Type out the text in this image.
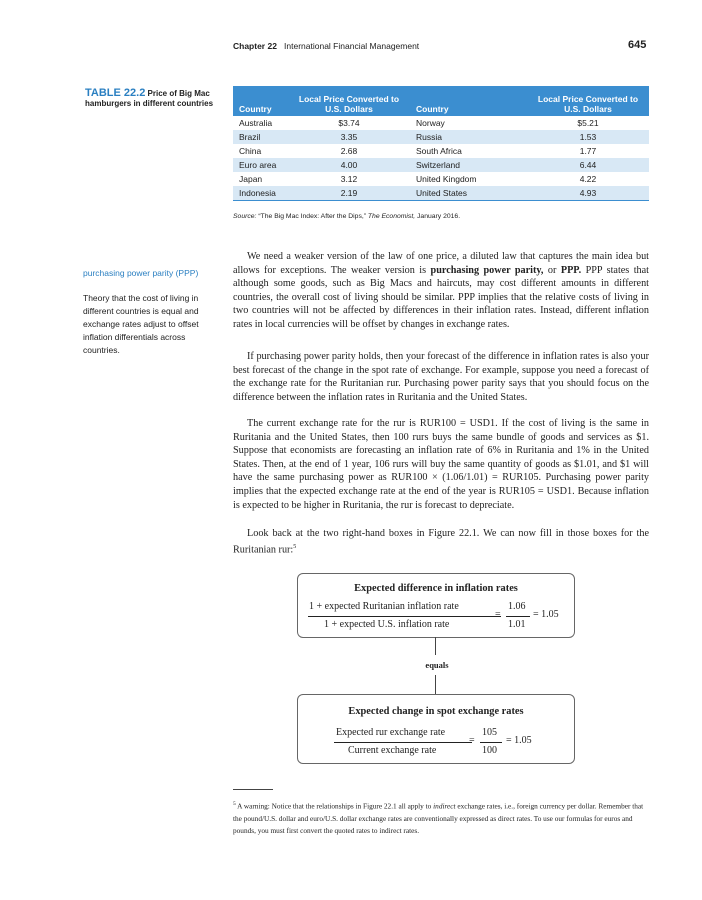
Chapter 22 International Financial Management	645
TABLE 22.2 Price of Big Mac hamburgers in different countries
Country	Local Price Converted to U.S. Dollars	Country	Local Price Converted to U.S. Dollars
Australia	$3.74	Norway	$5.21
Brazil	3.35	Russia	1.53
China	2.68	South Africa	1.77
Euro area	4.00	Switzerland	6.44
Japan	3.12	United Kingdom	4.22
Indonesia	2.19	United States	4.93
Source: “The Big Mac Index: After the Dips,” The Economist, January 2016.
purchasing power parity (PPP)
Theory that the cost of living in different countries is equal and exchange rates adjust to offset inflation differentials across countries.
We need a weaker version of the law of one price, a diluted law that captures the main idea but allows for exceptions. The weaker version is purchasing power parity, or PPP. PPP states that although some goods, such as Big Macs and haircuts, may cost different amounts in different countries, the overall cost of living should be similar. PPP implies that the relative costs of living in two countries will not be affected by differences in their inflation rates. Instead, different inflation rates in local currencies will be offset by changes in exchange rates.
If purchasing power parity holds, then your forecast of the difference in inflation rates is also your best forecast of the change in the spot rate of exchange. For example, suppose you need a forecast of the exchange rate for the Ruritanian rur. Purchasing power parity says that you should focus on the difference between the inflation rates in Ruritania and the United States.
The current exchange rate for the rur is RUR100 = USD1. If the cost of living is the same in Ruritania and the United States, then 100 rurs buys the same bundle of goods and services as $1. Suppose that economists are forecasting an inflation rate of 6% in Ruritania and 1% in the United States. Then, at the end of 1 year, 106 rurs will buy the same quantity of goods as $1.01, and $1 will have the same purchasing power as RUR100 × (1.06/1.01) = RUR105. Purchasing power parity implies that the expected exchange rate at the end of the year is RUR105 = USD1. Because inflation is expected to be higher in Ruritania, the rur is forecast to depreciate.
Look back at the two right-hand boxes in Figure 22.1. We can now fill in those boxes for the Ruritanian rur:$^5$
Expected difference in inflation rates
1 + expected Ruritanian inflation rate
1 + expected U.S. inflation rate
=
1.06
1.01
= 1.05
equals
Expected change in spot exchange rates
Expected rur exchange rate
Current exchange rate
=
105
100
= 1.05
$^5$ A warning: Notice that the relationships in Figure 22.1 all apply to indirect exchange rates, i.e., foreign currency per dollar. Remember that the pound/U.S. dollar and euro/U.S. dollar exchange rates are conventionally expressed as direct rates. To use our formulas for euros and pounds, you must first convert the quoted rates to indirect rates.
